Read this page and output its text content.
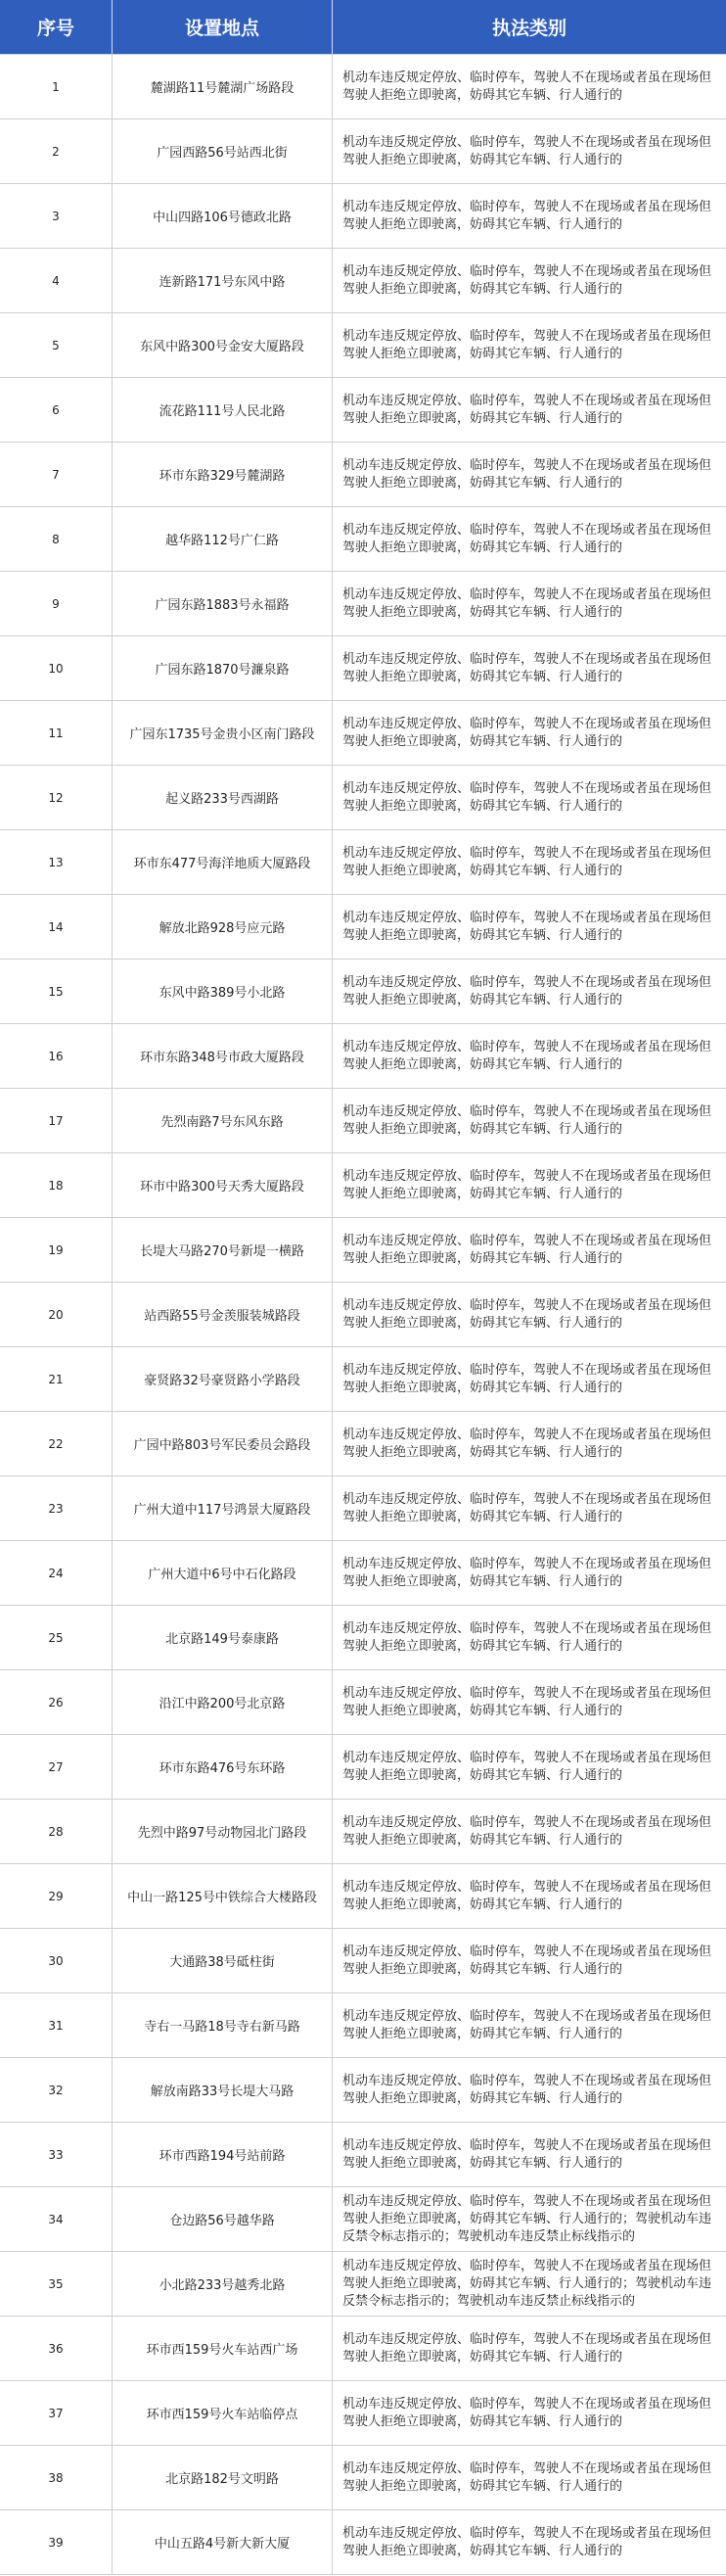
序号	设置地点	执法类别
1	麓湖路11号麓湖广场路段
机动车违反规定停放、临时停车，驾驶人不在现场或者虽在现场但驾驶人拒绝立即驶离，妨碍其它车辆、行人通行的
2	广园西路56号站西北街
机动车违反规定停放、临时停车，驾驶人不在现场或者虽在现场但驾驶人拒绝立即驶离，妨碍其它车辆、行人通行的
3	中山四路106号德政北路
机动车违反规定停放、临时停车，驾驶人不在现场或者虽在现场但驾驶人拒绝立即驶离，妨碍其它车辆、行人通行的
4	连新路171号东风中路
机动车违反规定停放、临时停车，驾驶人不在现场或者虽在现场但驾驶人拒绝立即驶离，妨碍其它车辆、行人通行的
5	东风中路300号金安大厦路段
机动车违反规定停放、临时停车，驾驶人不在现场或者虽在现场但驾驶人拒绝立即驶离，妨碍其它车辆、行人通行的
6	流花路111号人民北路
机动车违反规定停放、临时停车，驾驶人不在现场或者虽在现场但驾驶人拒绝立即驶离，妨碍其它车辆、行人通行的
7	环市东路329号麓湖路
机动车违反规定停放、临时停车，驾驶人不在现场或者虽在现场但驾驶人拒绝立即驶离，妨碍其它车辆、行人通行的
8	越华路112号广仁路
机动车违反规定停放、临时停车，驾驶人不在现场或者虽在现场但驾驶人拒绝立即驶离，妨碍其它车辆、行人通行的
9	广园东路1883号永福路
机动车违反规定停放、临时停车，驾驶人不在现场或者虽在现场但驾驶人拒绝立即驶离，妨碍其它车辆、行人通行的
10	广园东路1870号濂泉路
机动车违反规定停放、临时停车，驾驶人不在现场或者虽在现场但驾驶人拒绝立即驶离，妨碍其它车辆、行人通行的
11	广园东1735号金贵小区南门路段
机动车违反规定停放、临时停车，驾驶人不在现场或者虽在现场但驾驶人拒绝立即驶离，妨碍其它车辆、行人通行的
12	起义路233号西湖路
机动车违反规定停放、临时停车，驾驶人不在现场或者虽在现场但驾驶人拒绝立即驶离，妨碍其它车辆、行人通行的
13	环市东477号海洋地质大厦路段
机动车违反规定停放、临时停车，驾驶人不在现场或者虽在现场但驾驶人拒绝立即驶离，妨碍其它车辆、行人通行的
14	解放北路928号应元路
机动车违反规定停放、临时停车，驾驶人不在现场或者虽在现场但驾驶人拒绝立即驶离，妨碍其它车辆、行人通行的
15	东风中路389号小北路
机动车违反规定停放、临时停车，驾驶人不在现场或者虽在现场但驾驶人拒绝立即驶离，妨碍其它车辆、行人通行的
16	环市东路348号市政大厦路段
机动车违反规定停放、临时停车，驾驶人不在现场或者虽在现场但驾驶人拒绝立即驶离，妨碍其它车辆、行人通行的
17	先烈南路7号东风东路
机动车违反规定停放、临时停车，驾驶人不在现场或者虽在现场但驾驶人拒绝立即驶离，妨碍其它车辆、行人通行的
18	环市中路300号天秀大厦路段
机动车违反规定停放、临时停车，驾驶人不在现场或者虽在现场但驾驶人拒绝立即驶离，妨碍其它车辆、行人通行的
19	长堤大马路270号新堤一横路
机动车违反规定停放、临时停车，驾驶人不在现场或者虽在现场但驾驶人拒绝立即驶离，妨碍其它车辆、行人通行的
20	站西路55号金羡服装城路段
机动车违反规定停放、临时停车，驾驶人不在现场或者虽在现场但驾驶人拒绝立即驶离，妨碍其它车辆、行人通行的
21	豪贤路32号豪贤路小学路段
机动车违反规定停放、临时停车，驾驶人不在现场或者虽在现场但驾驶人拒绝立即驶离，妨碍其它车辆、行人通行的
22	广园中路803号军民委员会路段
机动车违反规定停放、临时停车，驾驶人不在现场或者虽在现场但驾驶人拒绝立即驶离，妨碍其它车辆、行人通行的
23	广州大道中117号鸿景大厦路段
机动车违反规定停放、临时停车，驾驶人不在现场或者虽在现场但驾驶人拒绝立即驶离，妨碍其它车辆、行人通行的
24	广州大道中6号中石化路段
机动车违反规定停放、临时停车，驾驶人不在现场或者虽在现场但驾驶人拒绝立即驶离，妨碍其它车辆、行人通行的
25	北京路149号泰康路
机动车违反规定停放、临时停车，驾驶人不在现场或者虽在现场但驾驶人拒绝立即驶离，妨碍其它车辆、行人通行的
26	沿江中路200号北京路
机动车违反规定停放、临时停车，驾驶人不在现场或者虽在现场但驾驶人拒绝立即驶离，妨碍其它车辆、行人通行的
27	环市东路476号东环路
机动车违反规定停放、临时停车，驾驶人不在现场或者虽在现场但驾驶人拒绝立即驶离，妨碍其它车辆、行人通行的
28	先烈中路97号动物园北门路段
机动车违反规定停放、临时停车，驾驶人不在现场或者虽在现场但驾驶人拒绝立即驶离，妨碍其它车辆、行人通行的
29	中山一路125号中铁综合大楼路段
机动车违反规定停放、临时停车，驾驶人不在现场或者虽在现场但驾驶人拒绝立即驶离，妨碍其它车辆、行人通行的
30	大通路38号砥柱街
机动车违反规定停放、临时停车，驾驶人不在现场或者虽在现场但驾驶人拒绝立即驶离，妨碍其它车辆、行人通行的
31	寺右一马路18号寺右新马路
机动车违反规定停放、临时停车，驾驶人不在现场或者虽在现场但驾驶人拒绝立即驶离，妨碍其它车辆、行人通行的
32	解放南路33号长堤大马路
机动车违反规定停放、临时停车，驾驶人不在现场或者虽在现场但驾驶人拒绝立即驶离，妨碍其它车辆、行人通行的
33	环市西路194号站前路
机动车违反规定停放、临时停车，驾驶人不在现场或者虽在现场但驾驶人拒绝立即驶离，妨碍其它车辆、行人通行的
34	仓边路56号越华路
机动车违反规定停放、临时停车，驾驶人不在现场或者虽在现场但驾驶人拒绝立即驶离，妨碍其它车辆、行人通行的；驾驶机动车违反禁令标志指示的；驾驶机动车违反禁止标线指示的
35	小北路233号越秀北路
机动车违反规定停放、临时停车，驾驶人不在现场或者虽在现场但驾驶人拒绝立即驶离，妨碍其它车辆、行人通行的；驾驶机动车违反禁令标志指示的；驾驶机动车违反禁止标线指示的
36	环市西159号火车站西广场
机动车违反规定停放、临时停车，驾驶人不在现场或者虽在现场但驾驶人拒绝立即驶离，妨碍其它车辆、行人通行的
37	环市西159号火车站临停点
机动车违反规定停放、临时停车，驾驶人不在现场或者虽在现场但驾驶人拒绝立即驶离，妨碍其它车辆、行人通行的
38	北京路182号文明路
机动车违反规定停放、临时停车，驾驶人不在现场或者虽在现场但驾驶人拒绝立即驶离，妨碍其它车辆、行人通行的
39	中山五路4号新大新大厦
机动车违反规定停放、临时停车，驾驶人不在现场或者虽在现场但驾驶人拒绝立即驶离，妨碍其它车辆、行人通行的
